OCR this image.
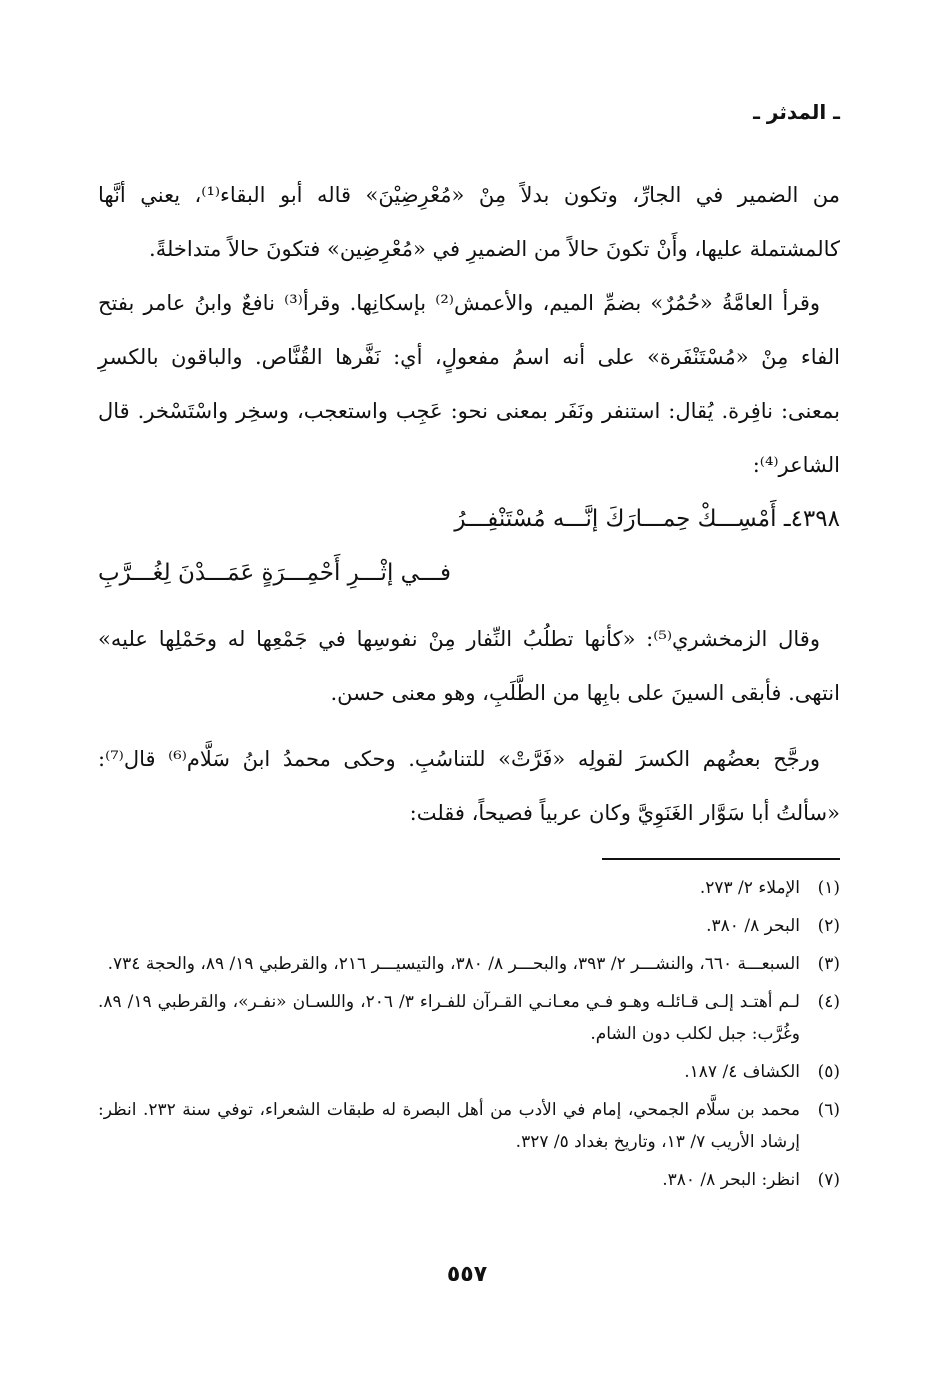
ـ المدثر ـ

من الضمير في الجارِّ، وتكون بدلاً مِنْ «مُعْرِضِيْنَ» قاله أبو البقاء⁽¹⁾، يعني أنَّها كالمشتملة عليها، وأَنْ تكونَ حالاً من الضميرِ في «مُعْرِضِين» فتكونَ حالاً متداخلةً.

وقرأ العامَّةُ «حُمُرٌ» بضمِّ الميم، والأعمش⁽²⁾ بإسكانِها. وقرأ⁽³⁾ نافعٌ وابنُ عامر بفتح الفاء مِنْ «مُسْتَنْفَرة» على أنه اسمُ مفعولٍ، أي: نَفَّرها القُنَّاص. والباقون بالكسرِ بمعنى: نافِرة. يُقال: استنفر ونَفَر بمعنى نحو: عَجِب واستعجب، وسخِر واسْتَسْخر. قال الشاعر⁽⁴⁾:

٤٣٩٨ـ أَمْسِـــكْ حِمـــارَكَ إنَّـــه مُسْتَنْفِـــرُ
فـــي إثْـــرِ أَحْمِـــرَةٍ عَمَـــدْنَ لِغُـــرَّبِ

وقال الزمخشري⁽⁵⁾: «كأنها تطلُبُ النِّفار مِنْ نفوسِها في جَمْعِها له وحَمْلِها عليه» انتهى. فأبقى السينَ على بابِها من الطَّلَبِ، وهو معنى حسن.

ورجَّح بعضُهم الكسرَ لقولِه «فَرَّتْ» للتناسُبِ. وحكى محمدُ ابنُ سَلَّام⁽⁶⁾ قال⁽⁷⁾: «سألتُ أبا سَوَّار الغَنَوِيَّ وكان عربياً فصيحاً، فقلت:

(١)
الإملاء ٢/ ٢٧٣.
(٢)
البحر ٨/ ٣٨٠.
(٣)
السبعـــة ٦٦٠، والنشـــر ٢/ ٣٩٣، والبحـــر ٨/ ٣٨٠، والتيسيـــر ٢١٦، والقرطبي ١٩/ ٨٩، والحجة ٧٣٤.
(٤)
لـم أهتـد إلـى قـائلـه وهـو فـي معـانـي القـرآن للفـراء ٣/ ٢٠٦، واللسـان «نفـر»، والقرطبي ١٩/ ٨٩. وغُرَّب: جبل لكلب دون الشام.
(٥)
الكشاف ٤/ ١٨٧.
(٦)
محمد بن سلَّام الجمحي، إمام في الأدب من أهل البصرة له طبقات الشعراء، توفي سنة ٢٣٢. انظر: إرشاد الأريب ٧/ ١٣، وتاريخ بغداد ٥/ ٣٢٧.
(٧)
انظر: البحر ٨/ ٣٨٠.
٥٥٧
